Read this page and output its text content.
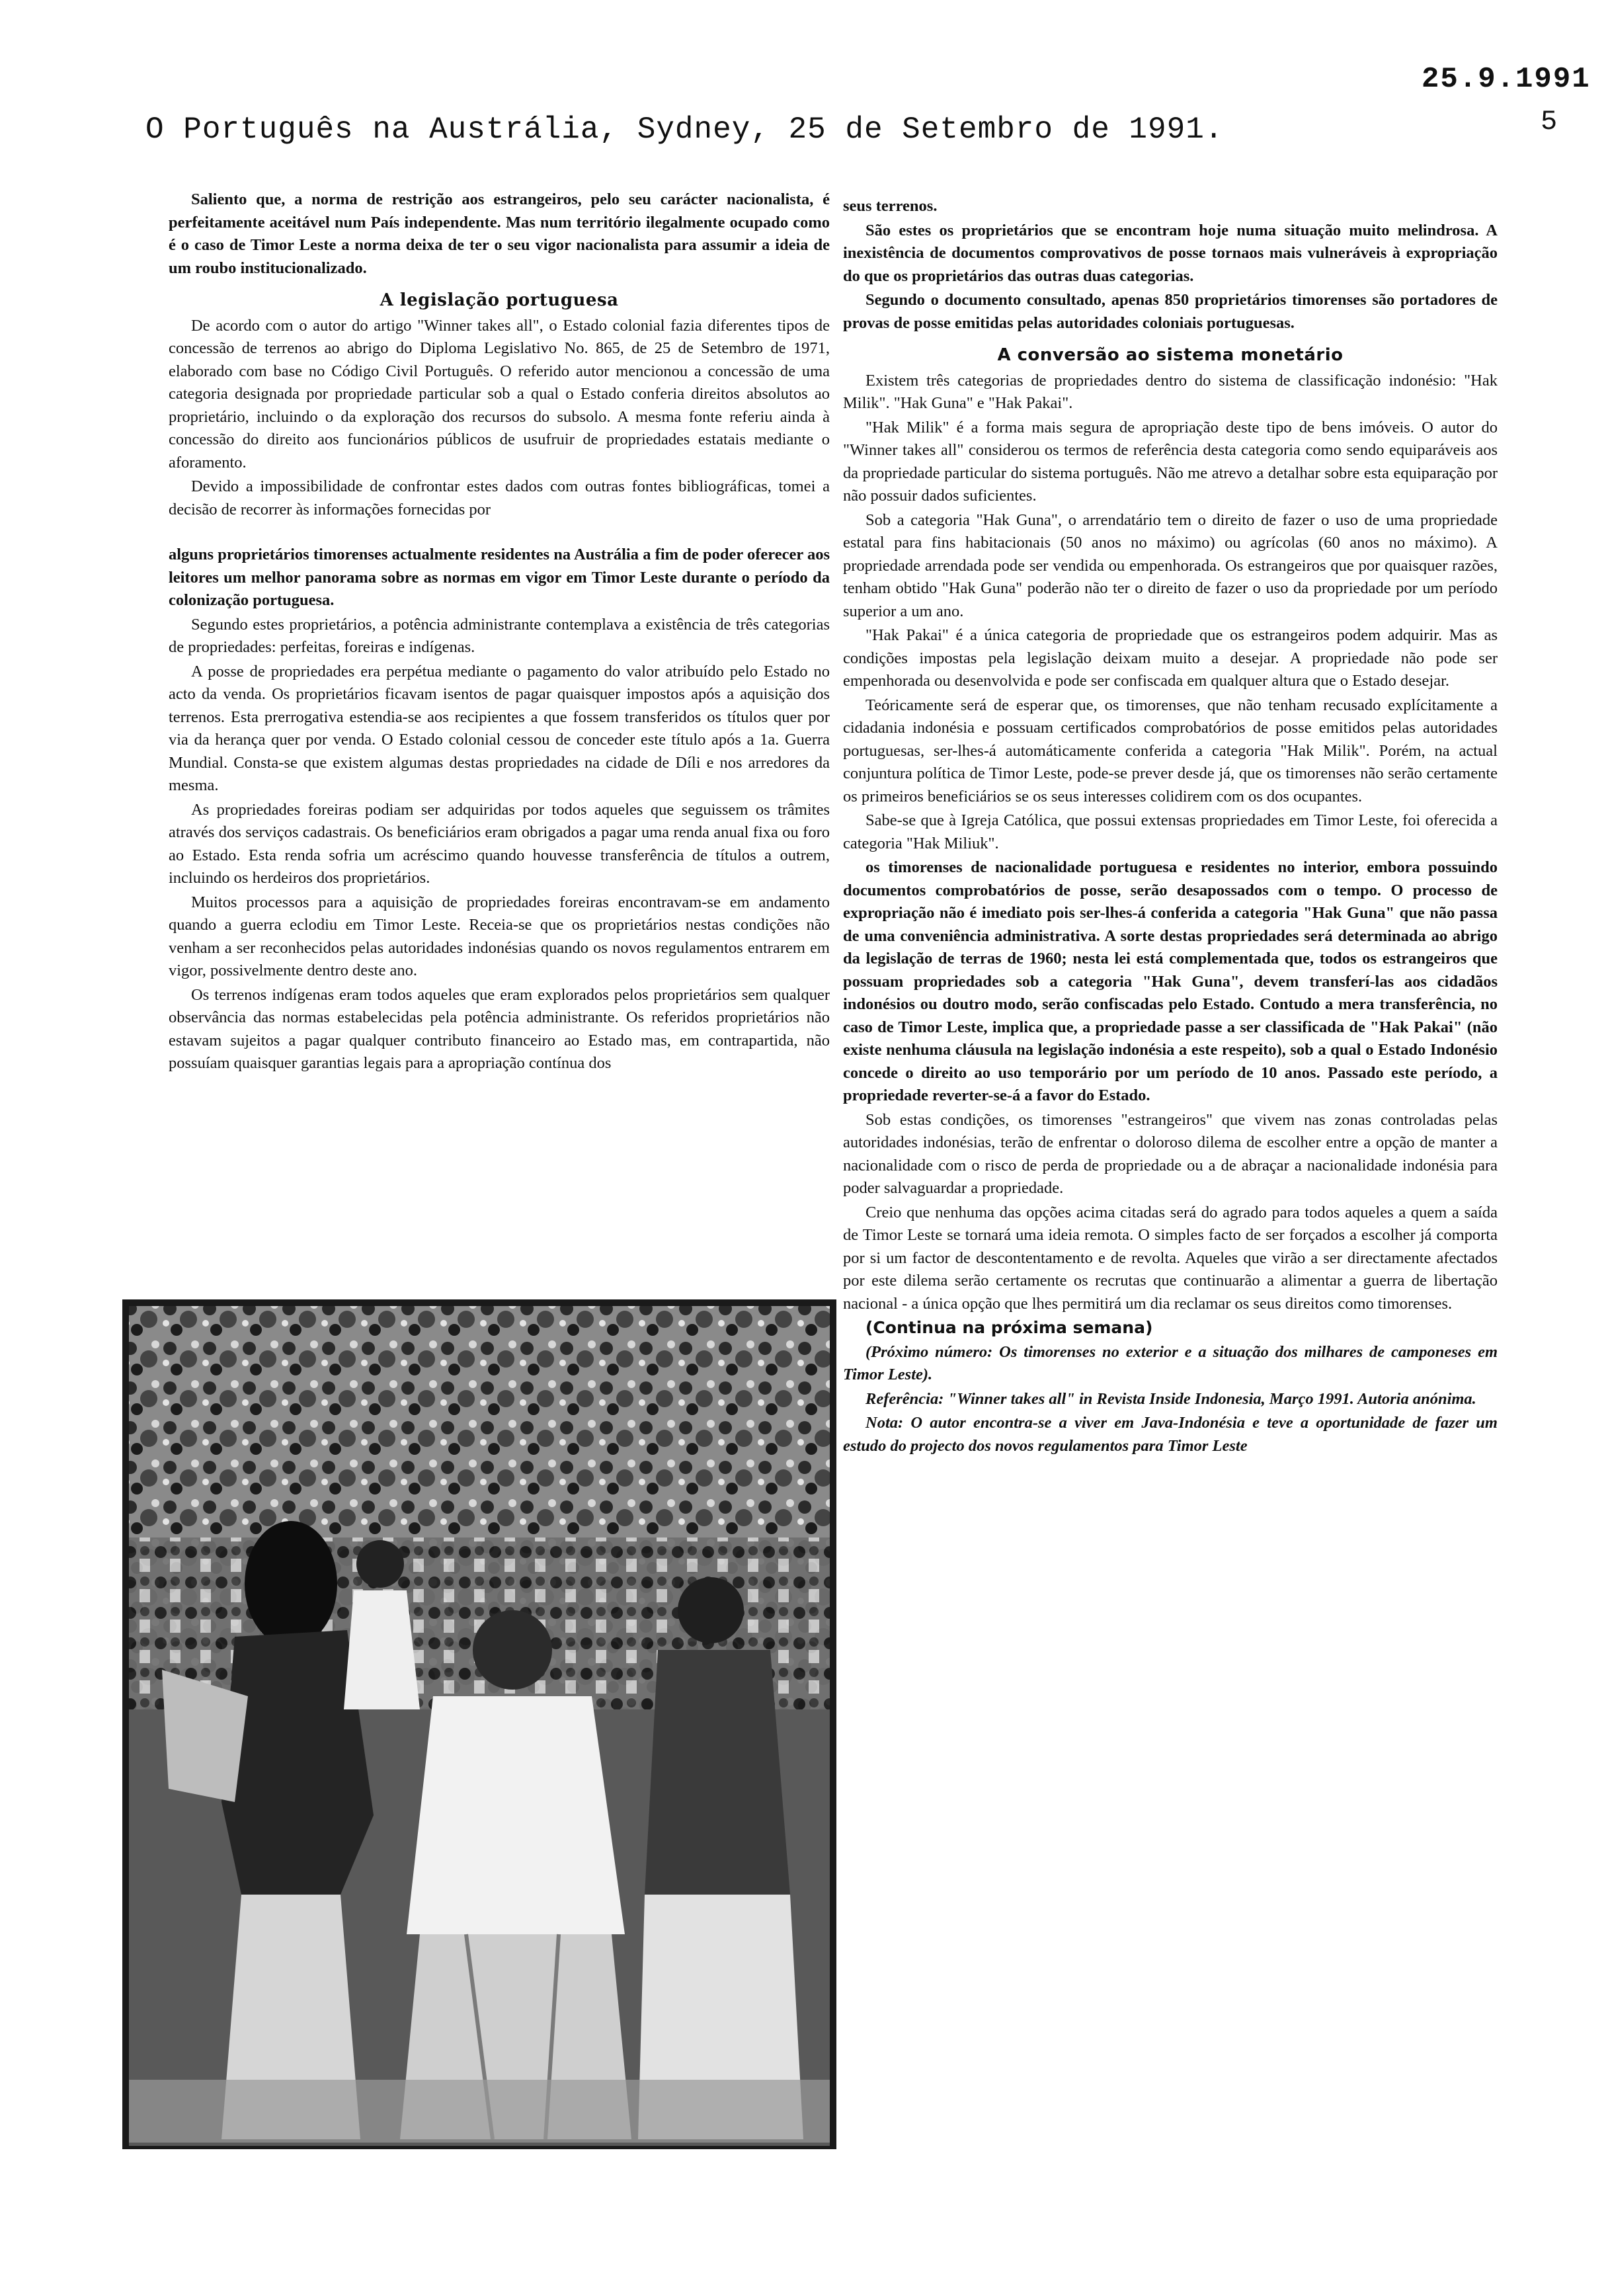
25.9.1991
5
O Português na Austrália, Sydney, 25 de Setembro de 1991.

Saliento que, a norma de restrição aos estrangeiros, pelo seu carácter nacionalista, é perfeitamente aceitável num País independente. Mas num território ilegalmente ocupado como é o caso de Timor Leste a norma deixa de ter o seu vigor nacionalista para assumir a ideia de um roubo institucionalizado.

A legislação portuguesa

De acordo com o autor do artigo "Winner takes all", o Estado colonial fazia diferentes tipos de concessão de terrenos ao abrigo do Diploma Legislativo No. 865, de 25 de Setembro de 1971, elaborado com base no Código Civil Português. O referido autor mencionou a concessão de uma categoria designada por propriedade particular sob a qual o Estado conferia direitos absolutos ao proprietário, incluindo o da exploração dos recursos do subsolo. A mesma fonte referiu ainda à concessão do direito aos funcionários públicos de usufruir de propriedades estatais mediante o aforamento.

Devido a impossibilidade de confrontar estes dados com outras fontes bibliográficas, tomei a decisão de recorrer às informações fornecidas por

alguns proprietários timorenses actualmente residentes na Austrália a fim de poder oferecer aos leitores um melhor panorama sobre as normas em vigor em Timor Leste durante o período da colonização portuguesa.

Segundo estes proprietários, a potência administrante contemplava a existência de três categorias de propriedades: perfeitas, foreiras e indígenas.

A posse de propriedades era perpétua mediante o pagamento do valor atribuído pelo Estado no acto da venda. Os proprietários ficavam isentos de pagar quaisquer impostos após a aquisição dos terrenos. Esta prerrogativa estendia-se aos recipientes a que fossem transferidos os títulos quer por via da herança quer por venda. O Estado colonial cessou de conceder este título após a 1a. Guerra Mundial. Consta-se que existem algumas destas propriedades na cidade de Díli e nos arredores da mesma.

As propriedades foreiras podiam ser adquiridas por todos aqueles que seguissem os trâmites através dos serviços cadastrais. Os beneficiários eram obrigados a pagar uma renda anual fixa ou foro ao Estado. Esta renda sofria um acréscimo quando houvesse transferência de títulos a outrem, incluindo os herdeiros dos proprietários.

Muitos processos para a aquisição de propriedades foreiras encontravam-se em andamento quando a guerra eclodiu em Timor Leste. Receia-se que os proprietários nestas condições não venham a ser reconhecidos pelas autoridades indonésias quando os novos regulamentos entrarem em vigor, possivelmente dentro deste ano.

Os terrenos indígenas eram todos aqueles que eram explorados pelos proprietários sem qualquer observância das normas estabelecidas pela potência administrante. Os referidos proprietários não estavam sujeitos a pagar qualquer contributo financeiro ao Estado mas, em contrapartida, não possuíam quaisquer garantias legais para a apropriação contínua dos

seus terrenos.

São estes os proprietários que se encontram hoje numa situação muito melindrosa. A inexistência de documentos comprovativos de posse tornaos mais vulneráveis à expropriação do que os proprietários das outras duas categorias.

Segundo o documento consultado, apenas 850 proprietários timorenses são portadores de provas de posse emitidas pelas autoridades coloniais portuguesas.

A conversão ao sistema monetário

Existem três categorias de propriedades dentro do sistema de classificação indonésio: "Hak Milik". "Hak Guna" e "Hak Pakai".

"Hak Milik" é a forma mais segura de apropriação deste tipo de bens imóveis. O autor do "Winner takes all" considerou os termos de referência desta categoria como sendo equiparáveis aos da propriedade particular do sistema português. Não me atrevo a detalhar sobre esta equiparação por não possuir dados suficientes.

Sob a categoria "Hak Guna", o arrendatário tem o direito de fazer o uso de uma propriedade estatal para fins habitacionais (50 anos no máximo) ou agrícolas (60 anos no máximo). A propriedade arrendada pode ser vendida ou empenhorada. Os estrangeiros que por quaisquer razões, tenham obtido "Hak Guna" poderão não ter o direito de fazer o uso da propriedade por um período superior a um ano.

"Hak Pakai" é a única categoria de propriedade que os estrangeiros podem adquirir. Mas as condições impostas pela legislação deixam muito a desejar. A propriedade não pode ser empenhorada ou desenvolvida e pode ser confiscada em qualquer altura que o Estado desejar.

Teóricamente será de esperar que, os timorenses, que não tenham recusado explícitamente a cidadania indonésia e possuam certificados comprobatórios de posse emitidos pelas autoridades portuguesas, ser-lhes-á automáticamente conferida a categoria "Hak Milik". Porém, na actual conjuntura política de Timor Leste, pode-se prever desde já, que os timorenses não serão certamente os primeiros beneficiários se os seus interesses colidirem com os dos ocupantes.

Sabe-se que à Igreja Católica, que possui extensas propriedades em Timor Leste, foi oferecida a categoria "Hak Miliuk".

os timorenses de nacionalidade portuguesa e residentes no interior, embora possuindo documentos comprobatórios de posse, serão desapossados com o tempo. O processo de expropriação não é imediato pois ser-lhes-á conferida a categoria "Hak Guna" que não passa de uma conveniência administrativa. A sorte destas propriedades será determinada ao abrigo da legislação de terras de 1960; nesta lei está complementada que, todos os estrangeiros que possuam propriedades sob a categoria "Hak Guna", devem transferí-las aos cidadãos indonésios ou doutro modo, serão confiscadas pelo Estado. Contudo a mera transferência, no caso de Timor Leste, implica que, a propriedade passe a ser classificada de "Hak Pakai" (não existe nenhuma cláusula na legislação indonésia a este respeito), sob a qual o Estado Indonésio concede o direito ao uso temporário por um período de 10 anos. Passado este período, a propriedade reverter-se-á a favor do Estado.

Sob estas condições, os timorenses "estrangeiros" que vivem nas zonas controladas pelas autoridades indonésias, terão de enfrentar o doloroso dilema de escolher entre a opção de manter a nacionalidade com o risco de perda de propriedade ou a de abraçar a nacionalidade indonésia para poder salvaguardar a propriedade.

Creio que nenhuma das opções acima citadas será do agrado para todos aqueles a quem a saída de Timor Leste se tornará uma ideia remota. O simples facto de ser forçados a escolher já comporta por si um factor de descontentamento e de revolta. Aqueles que virão a ser directamente afectados por este dilema serão certamente os recrutas que continuarão a alimentar a guerra de libertação nacional - a única opção que lhes permitirá um dia reclamar os seus direitos como timorenses.

(Continua na próxima semana)

(Próximo número: Os timorenses no exterior e a situação dos milhares de camponeses em Timor Leste).

Referência: "Winner takes all" in Revista Inside Indonesia, Março 1991. Autoria anónima.

Nota: O autor encontra-se a viver em Java-Indonésia e teve a oportunidade de fazer um estudo do projecto dos novos regulamentos para Timor Leste
